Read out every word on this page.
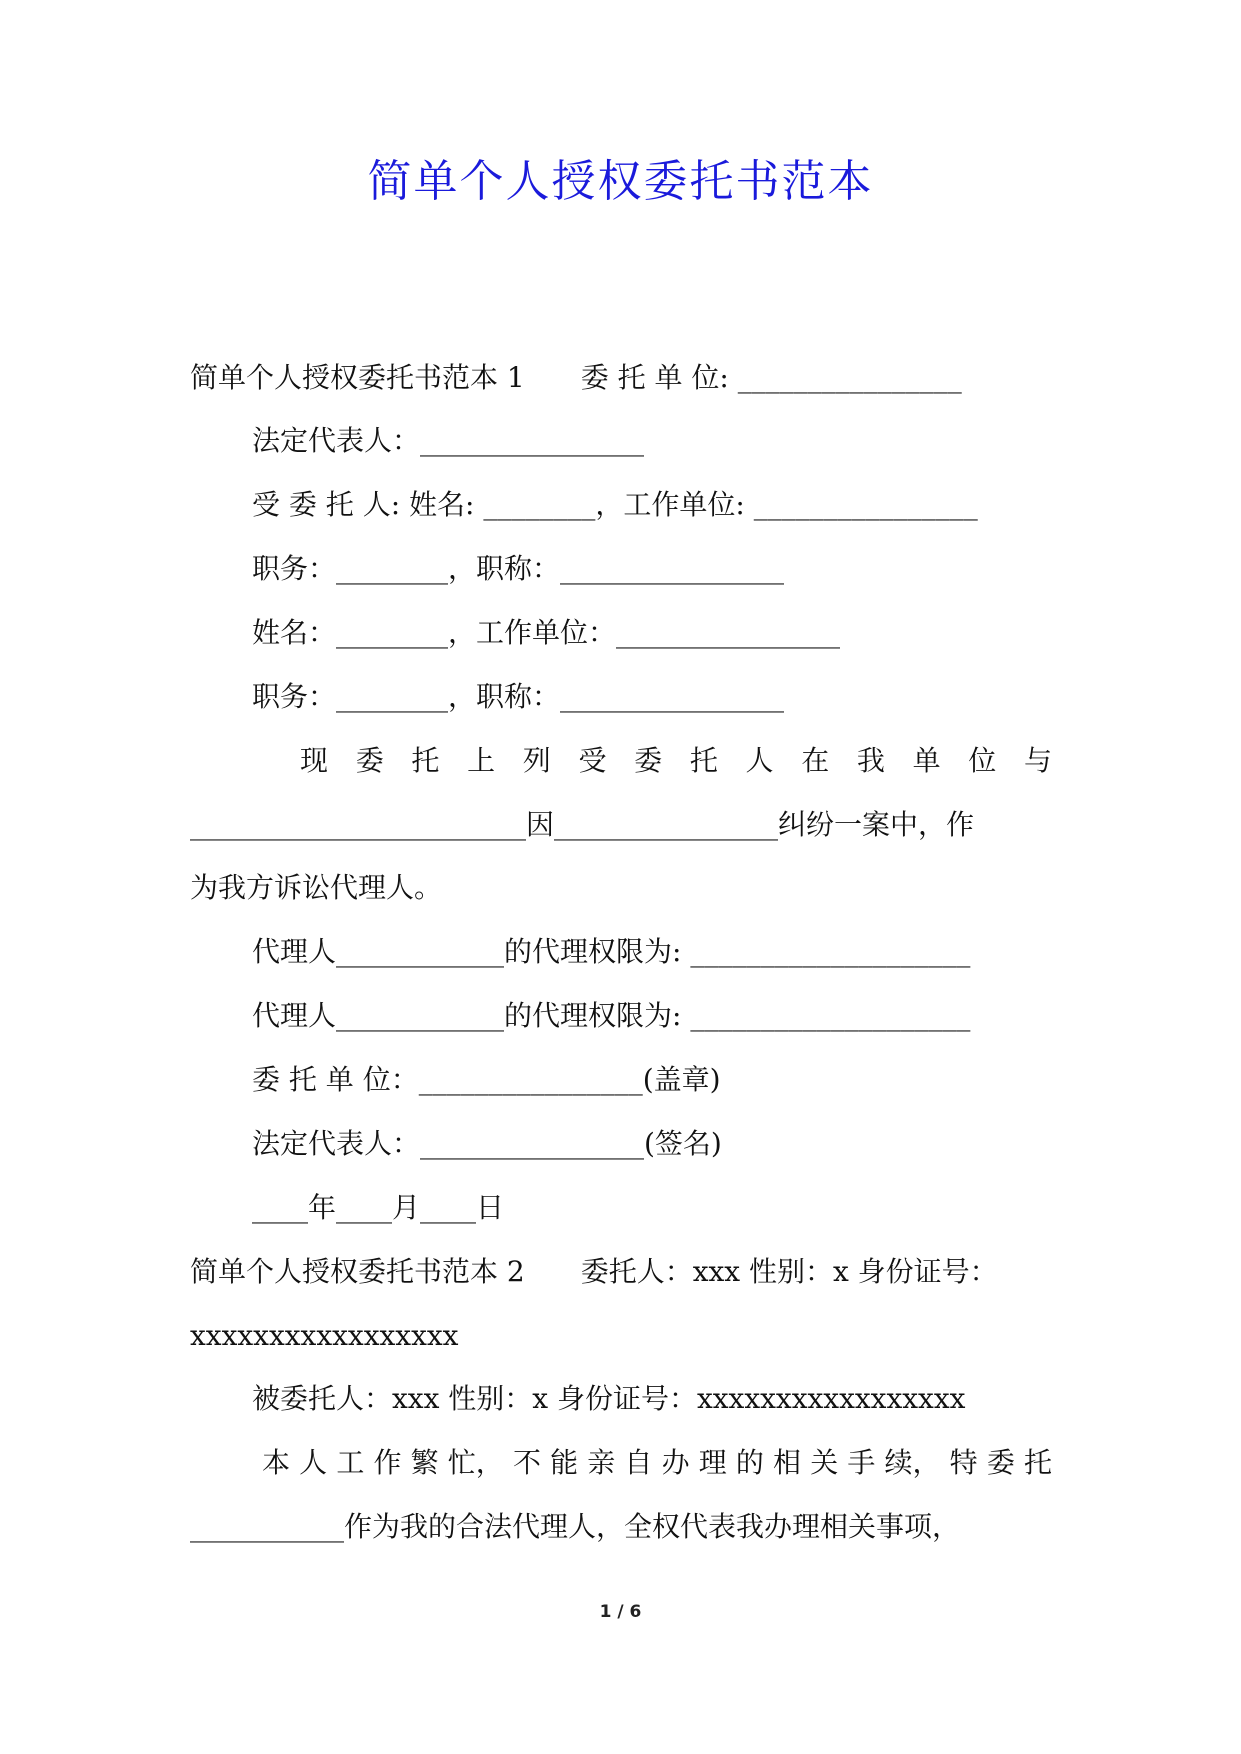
简单个人授权委托书范本
简单个人授权委托书范本 1　　委 托 单 位: ________________
法定代表人：________________
受 委 托 人: 姓名: ________，工作单位: ________________
职务：________，职称：________________
姓名：________，工作单位：________________
职务：________，职称：________________
现 委 托 上 列 受 委 托 人 在 我 单 位 与
________________________因________________纠纷一案中，作
为我方诉讼代理人。
代理人____________的代理权限为: ____________________
代理人____________的代理权限为: ____________________
委 托 单 位：________________(盖章)
法定代表人：________________(签名)
____年____月____日
简单个人授权委托书范本 2　　委托人：xxx 性别：x 身份证号：
xxxxxxxxxxxxxxxxx
被委托人：xxx 性别：x 身份证号：xxxxxxxxxxxxxxxxx
本 人 工 作 繁 忙， 不 能 亲 自 办 理 的 相 关 手 续， 特 委 托
___________作为我的合法代理人，全权代表我办理相关事项，
1 / 6
